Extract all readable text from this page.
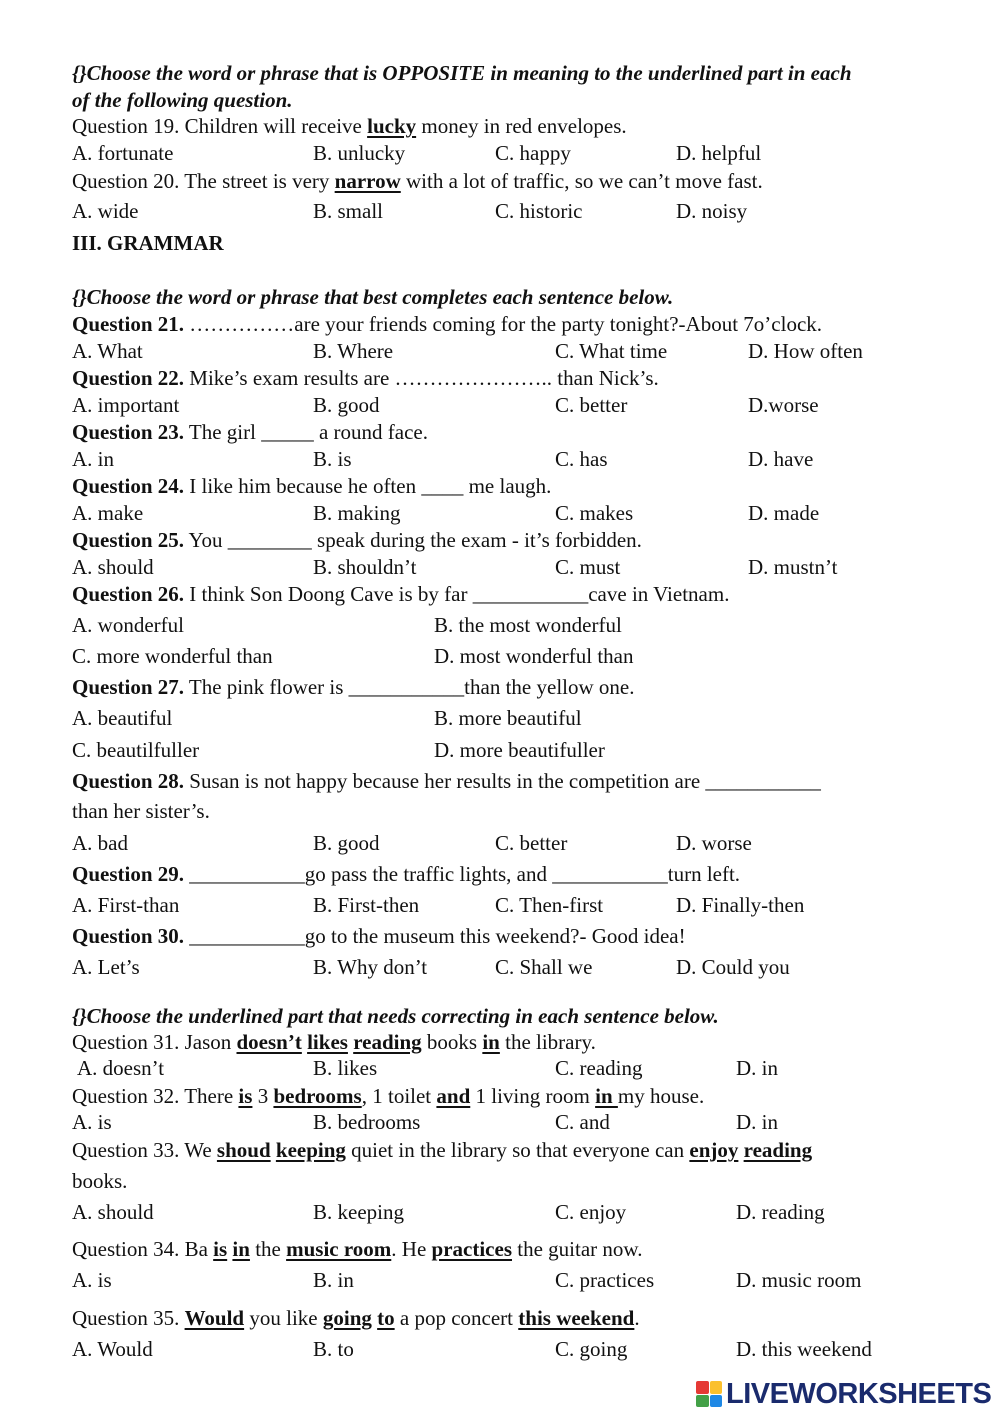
{}Choose the word or phrase that is OPPOSITE in meaning to the underlined part in each
of the following question.
Question 19. Children will receive lucky money in red envelopes.
A. fortunate	B. unlucky	C. happy	D. helpful
Question 20. The street is very narrow with a lot of traffic, so we can’t move fast.
A. wide	B. small	C. historic	D. noisy
III. GRAMMAR
{}Choose the word or phrase that best completes each sentence below.
Question 21. ……………are your friends coming for the party tonight?-About 7o’clock.
A. What	B. Where	C. What time	D. How often
Question 22. Mike’s exam results are ………………….. than Nick’s.
A. important	B. good	C. better	D.worse
Question 23. The girl _____ a round face.
A. in	B. is	C. has	D. have
Question 24. I like him because he often ____ me laugh.
A. make	B. making	C. makes	D. made
Question 25. You ________ speak during the exam - it’s forbidden.
A. should	B. shouldn’t	C. must	D. mustn’t
Question 26. I think Son Doong Cave is by far ___________cave in Vietnam.
A. wonderful	B. the most wonderful
C. more wonderful than	D. most wonderful than
Question 27. The pink flower is ___________than the yellow one.
A. beautiful	B. more beautiful
C. beautilfuller	D. more beautifuller
Question 28. Susan is not happy because her results in the competition are ___________
than her sister’s.
A. bad	B. good	C. better	D. worse
Question 29. ___________go pass the traffic lights, and ___________turn left.
A. First-than	B. First-then	C. Then-first	D. Finally-then
Question 30. ___________go to the museum this weekend?- Good idea!
A. Let’s	B. Why don’t	C. Shall we	D. Could you
{}Choose the underlined part that needs correcting in each sentence below.
Question 31. Jason doesn’t likes reading books in the library.
A. doesn’t	B. likes	C. reading	D. in
Question 32. There is 3 bedrooms, 1 toilet and 1 living room in my house.
A. is	B. bedrooms	C. and	D. in
Question 33. We shoud keeping quiet in the library so that everyone can enjoy reading
books.
A. should	B. keeping	C. enjoy	D. reading
Question 34. Ba is in the music room. He practices the guitar now.
A. is	B. in	C. practices	D. music room
Question 35. Would you like going to a pop concert this weekend.
A. Would	B. to	C. going	D. this weekend
LIVEWORKSHEETS
